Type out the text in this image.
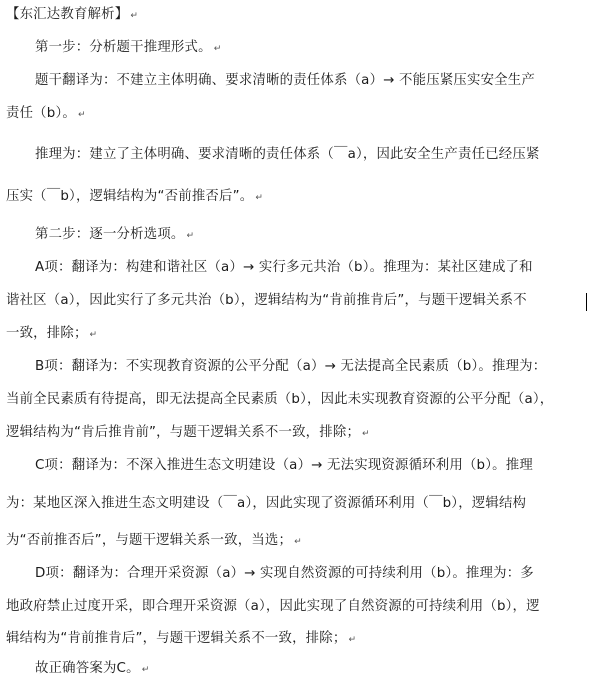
【东汇达教育解析】 ↵
第一步：分析题干推理形式。 ↵
题干翻译为：不建立主体明确、要求清晰的责任体系（a）→ 不能压紧压实安全生产
责任（b）。 ↵
推理为：建立了主体明确、要求清晰的责任体系（￣a），因此安全生产责任已经压紧
压实（￣b），逻辑结构为“否前推否后”。 ↵
第二步：逐一分析选项。 ↵
A项：翻译为：构建和谐社区（a）→ 实行多元共治（b）。推理为：某社区建成了和
谐社区（a），因此实行了多元共治（b），逻辑结构为“肯前推肯后”，与题干逻辑关系不
一致，排除； ↵
B项：翻译为：不实现教育资源的公平分配（a）→ 无法提高全民素质（b）。推理为：
当前全民素质有待提高，即无法提高全民素质（b），因此未实现教育资源的公平分配（a），
逻辑结构为“肯后推肯前”，与题干逻辑关系不一致，排除； ↵
C项：翻译为：不深入推进生态文明建设（a）→ 无法实现资源循环利用（b）。推理
为：某地区深入推进生态文明建设（￣a），因此实现了资源循环利用（￣b），逻辑结构
为“否前推否后”，与题干逻辑关系一致，当选； ↵
D项：翻译为：合理开采资源（a）→ 实现自然资源的可持续利用（b）。推理为：多
地政府禁止过度开采，即合理开采资源（a），因此实现了自然资源的可持续利用（b），逻
辑结构为“肯前推肯后”，与题干逻辑关系不一致，排除； ↵
故正确答案为C。 ↵
